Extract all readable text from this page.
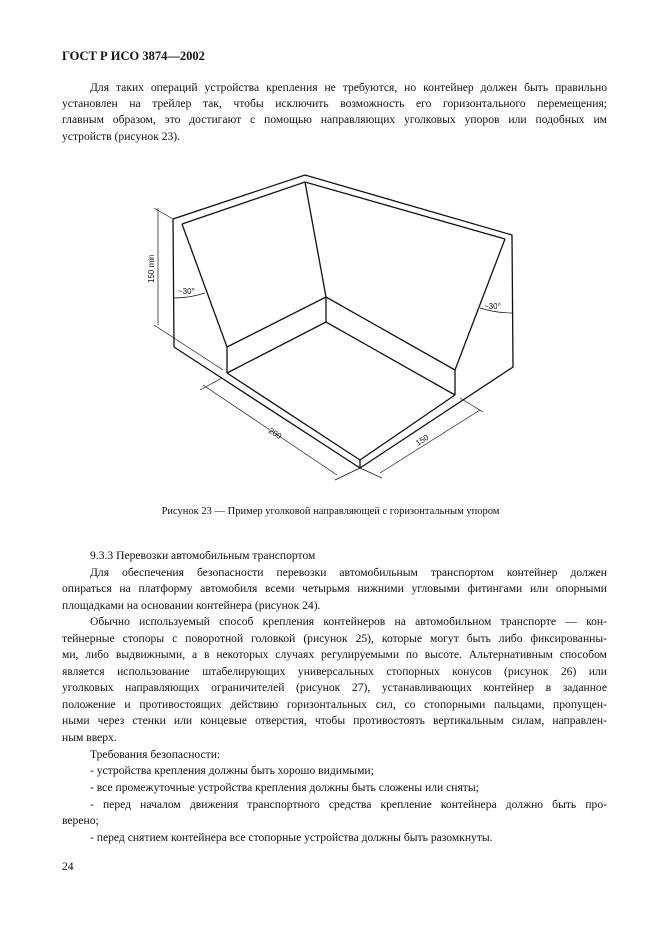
ГОСТ Р ИСО 3874—2002
Для таких операций устройства крепления не требуются, но контейнер должен быть правильно
установлен на трейлер так, чтобы исключить возможность его горизонтального перемещения;
главным образом, это достигают с помощью направляющих уголковых упоров или подобных им
устройств (рисунок 23).
150 min
200	150
~30°
~30°
Рисунок 23 — Пример уголковой направляющей с горизонтальным упором
9.3.3 Перевозки автомобильным транспортом
Для обеспечения безопасности перевозки автомобильным транспортом контейнер должен
опираться на платформу автомобиля всеми четырьмя нижними угловыми фитингами или опорными
площадками на основании контейнера (рисунок 24).
Обычно используемый способ крепления контейнеров на автомобильном транспорте — кон-
тейнерные стопоры с поворотной головкой (рисунок 25), которые могут быть либо фиксированны-
ми, либо выдвижными, а в некоторых случаях регулируемыми по высоте. Альтернативным способом
является использование штабелирующих универсальных стопорных конусов (рисунок 26) или
уголковых направляющих ограничителей (рисунок 27), устанавливающих контейнер в заданное
положение и противостоящих действию горизонтальных сил, со стопорными пальцами, пропущен-
ными через стенки или концевые отверстия, чтобы противостоять вертикальным силам, направлен-
ным вверх.
Требования безопасности:
- устройства крепления должны быть хорошо видимыми;
- все промежуточные устройства крепления должны быть сложены или сняты;
- перед началом движения транспортного средства крепление контейнера должно быть про-
верено;
- перед снятием контейнера все стопорные устройства должны быть разомкнуты.
24
